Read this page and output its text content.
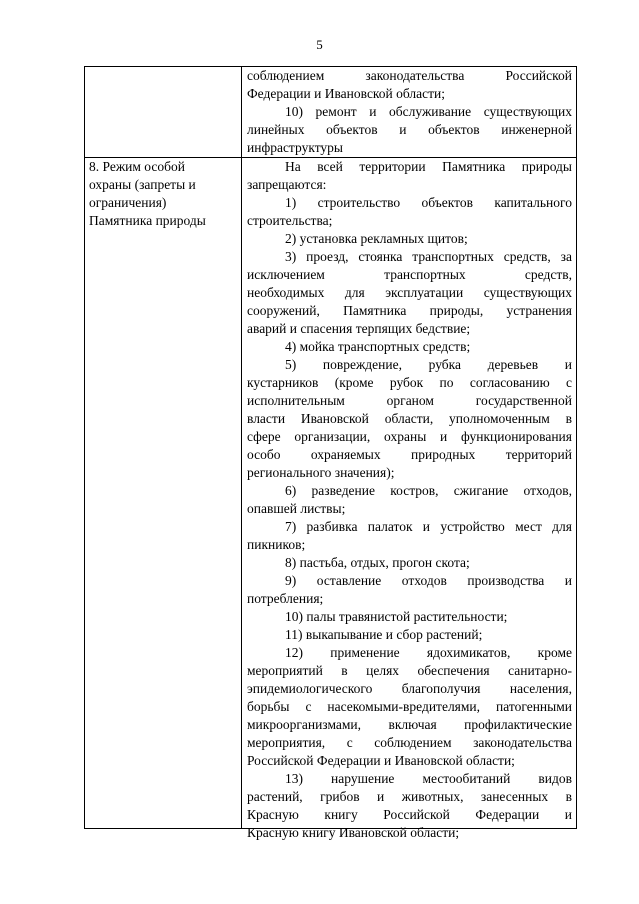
5
соблюдением законодательства Российской
Федерации и Ивановской области;
10) ремонт и обслуживание существующих
линейных объектов и объектов инженерной
инфраструктуры
8. Режим особой
охраны (запреты и
ограничения)
Памятника природы
На всей территории Памятника природы
запрещаются:
1) строительство объектов капитального
строительства;
2) установка рекламных щитов;
3) проезд, стоянка транспортных средств, за
исключением транспортных средств,
необходимых для эксплуатации существующих
сооружений, Памятника природы, устранения
аварий и спасения терпящих бедствие;
4) мойка транспортных средств;
5) повреждение, рубка деревьев и
кустарников (кроме рубок по согласованию с
исполнительным органом государственной
власти Ивановской области, уполномоченным в
сфере организации, охраны и функционирования
особо охраняемых природных территорий
регионального значения);
6) разведение костров, сжигание отходов,
опавшей листвы;
7) разбивка палаток и устройство мест для
пикников;
8) пастьба, отдых, прогон скота;
9) оставление отходов производства и
потребления;
10) палы травянистой растительности;
11) выкапывание и сбор растений;
12) применение ядохимикатов, кроме
мероприятий в целях обеспечения санитарно-
эпидемиологического благополучия населения,
борьбы с насекомыми-вредителями, патогенными
микроорганизмами, включая профилактические
мероприятия, с соблюдением законодательства
Российской Федерации и Ивановской области;
13) нарушение местообитаний видов
растений, грибов и животных, занесенных в
Красную книгу Российской Федерации и
Красную книгу Ивановской области;
